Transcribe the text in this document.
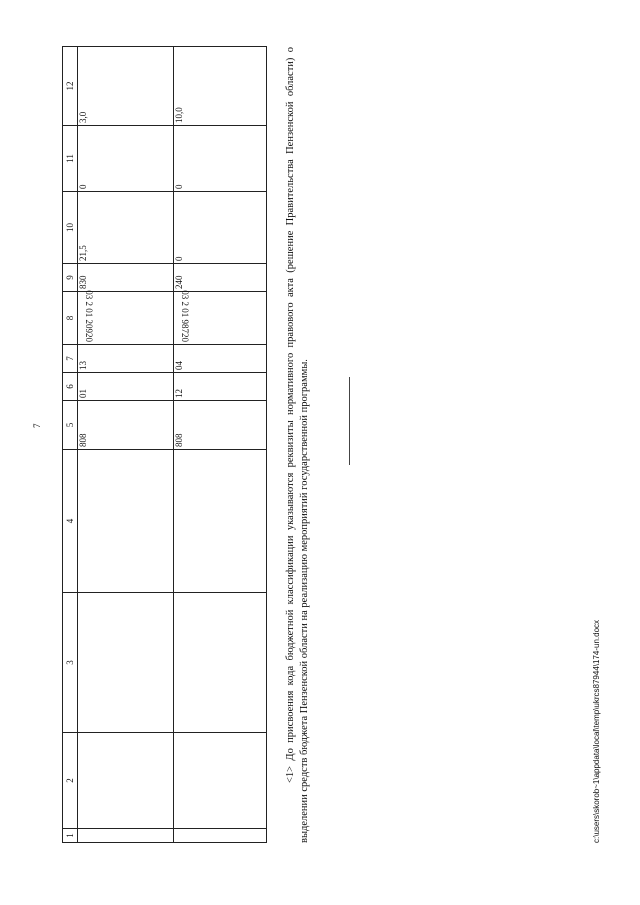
7
1	2	3	4	5	6	7	8	9	10	11	12
				808	01	13	03 2 01 20920	830	21,5	0	3,0
				808	12	04	03 2 01 98720	240	0	0	10,0	<1> До присвоения кода бюджетной классификации указываются реквизиты нормативного правового акта (решение Правительства Пензенской области) о выделении средств бюджета Пензенской области на реализацию мероприятий государственной программы.	c:\users\skorob~1\appdata\local\temp\ukrcs87944\174-un.docx
